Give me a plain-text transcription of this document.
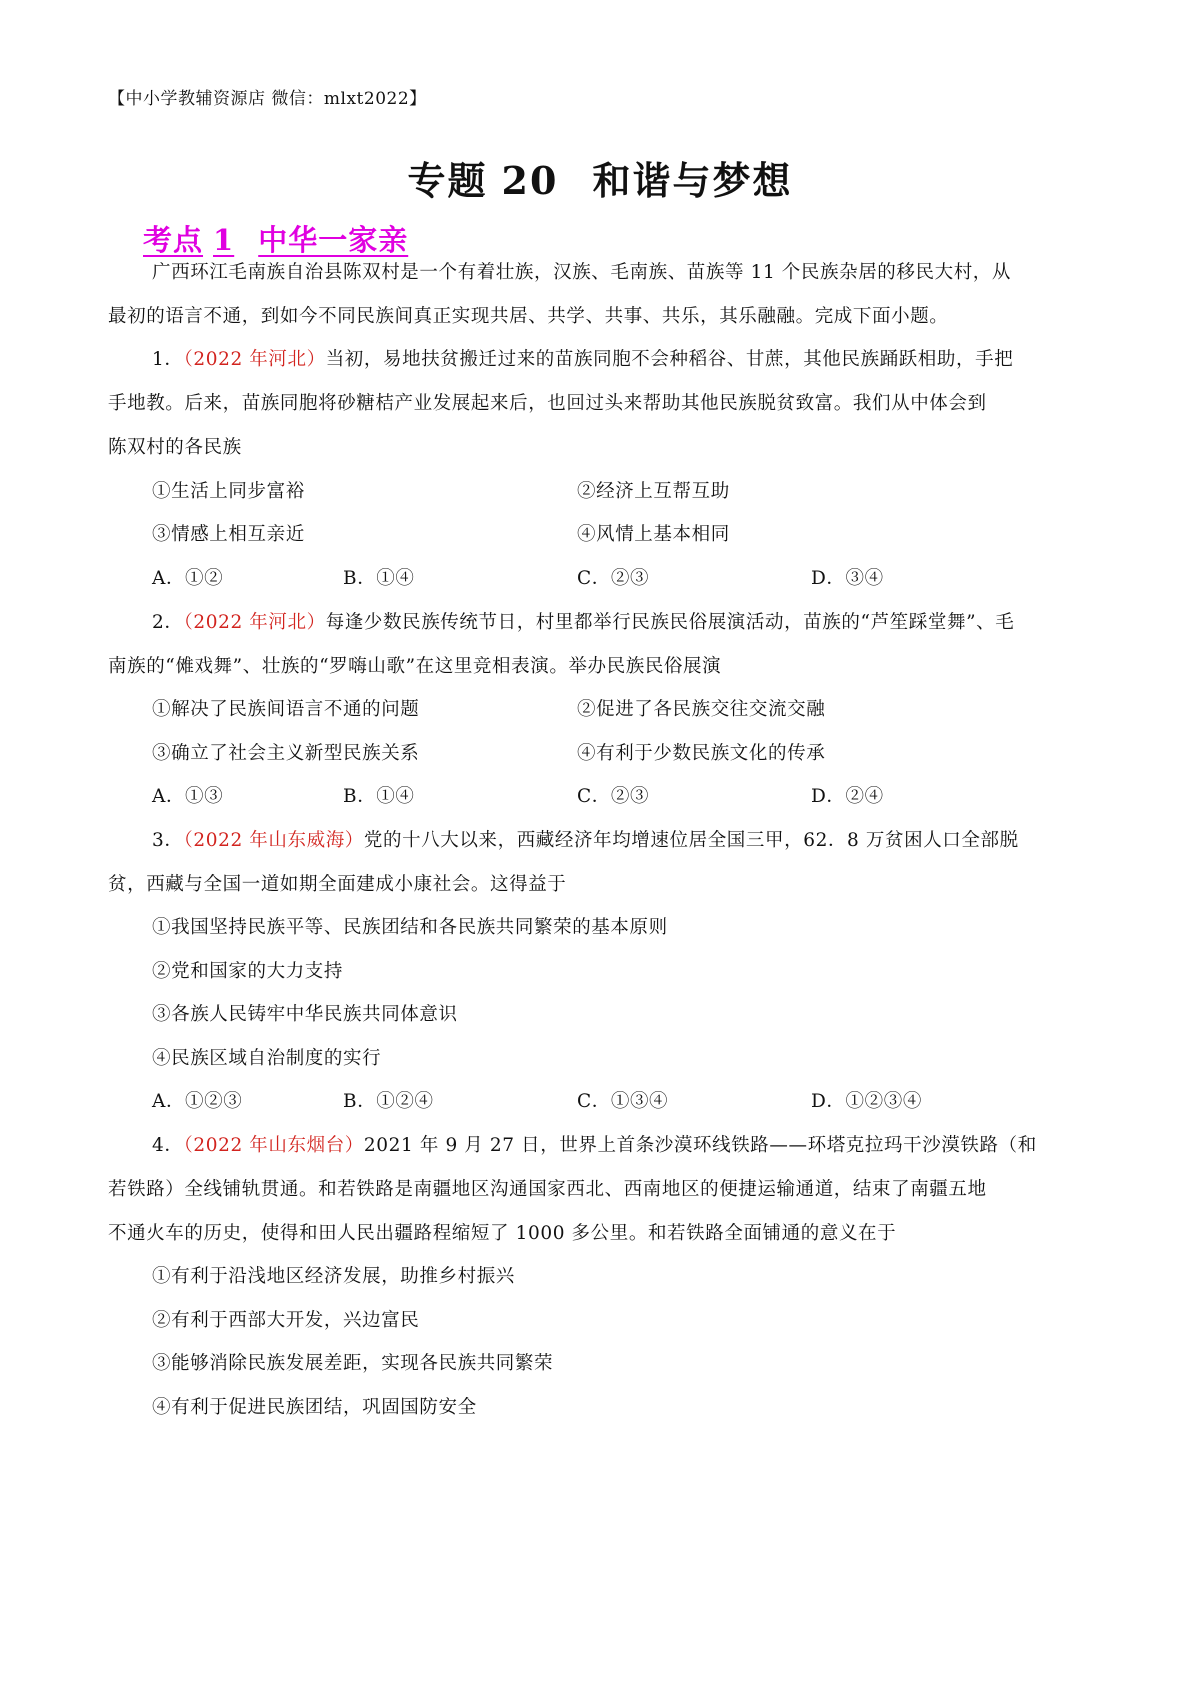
【中小学教辅资源店 微信：mlxt2022】
专题 20 和谐与梦想
考点 1 中华一家亲
广西环江毛南族自治县陈双村是一个有着壮族，汉族、毛南族、苗族等 11 个民族杂居的移民大村，从
最初的语言不通，到如今不同民族间真正实现共居、共学、共事、共乐，其乐融融。完成下面小题。
1．（2022 年河北）当初，易地扶贫搬迁过来的苗族同胞不会种稻谷、甘蔗，其他民族踊跃相助，手把
手地教。后来，苗族同胞将砂糖桔产业发展起来后，也回过头来帮助其他民族脱贫致富。我们从中体会到
陈双村的各民族
①生活上同步富裕	②经济上互帮互助
③情感上相互亲近	④风情上基本相同
A．①②	B．①④	C．②③	D．③④
2．（2022 年河北）每逢少数民族传统节日，村里都举行民族民俗展演活动，苗族的“芦笙踩堂舞”、毛
南族的“傩戏舞”、壮族的“罗嗨山歌”在这里竞相表演。举办民族民俗展演
①解决了民族间语言不通的问题	②促进了各民族交往交流交融
③确立了社会主义新型民族关系	④有利于少数民族文化的传承
A．①③	B．①④	C．②③	D．②④
3．（2022 年山东威海）党的十八大以来，西藏经济年均增速位居全国三甲，62．8 万贫困人口全部脱
贫，西藏与全国一道如期全面建成小康社会。这得益于
①我国坚持民族平等、民族团结和各民族共同繁荣的基本原则
②党和国家的大力支持
③各族人民铸牢中华民族共同体意识
④民族区域自治制度的实行
A．①②③	B．①②④	C．①③④	D．①②③④
4．（2022 年山东烟台）2021 年 9 月 27 日，世界上首条沙漠环线铁路——环塔克拉玛干沙漠铁路（和
若铁路）全线铺轨贯通。和若铁路是南疆地区沟通国家西北、西南地区的便捷运输通道，结束了南疆五地
不通火车的历史，使得和田人民出疆路程缩短了 1000 多公里。和若铁路全面铺通的意义在于
①有利于沿浅地区经济发展，助推乡村振兴
②有利于西部大开发，兴边富民
③能够消除民族发展差距，实现各民族共同繁荣
④有利于促进民族团结，巩固国防安全
